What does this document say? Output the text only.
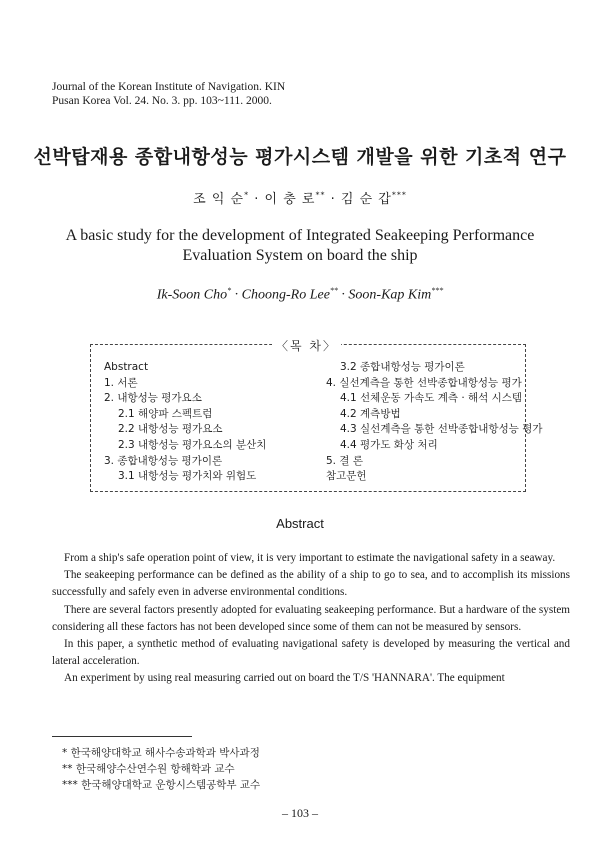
Journal of the Korean Institute of Navigation. KIN
Pusan Korea Vol. 24. No. 3. pp. 103~111. 2000.
선박탑재용 종합내항성능 평가시스템 개발을 위한 기초적 연구
조 익 순* · 이 충 로** · 김 순 갑***
A basic study for the development of Integrated Seakeeping Performance
Evaluation System on board the ship
Ik-Soon Cho* · Choong-Ro Lee** · Soon-Kap Kim***
〈목 차〉
Abstract
1. 서론
2. 내항성능 평가요소
2.1 해양파 스펙트럼
2.2 내항성능 평가요소
2.3 내항성능 평가요소의 분산치
3. 종합내항성능 평가이론
3.1 내항성능 평가치와 위험도
3.2 종합내항성능 평가이론
4. 실선계측을 통한 선박종합내항성능 평가
4.1 선체운동 가속도 계측 · 해석 시스템
4.2 계측방법
4.3 실선계측을 통한 선박종합내항성능 평가
4.4 평가도 화상 처리
5. 결 론
참고문헌
Abstract

From a ship's safe operation point of view, it is very important to estimate the navigational safety in a seaway.

The seakeeping performance can be defined as the ability of a ship to go to sea, and to accomplish its missions successfully and safely even in adverse environmental conditions.

There are several factors presently adopted for evaluating seakeeping performance. But a hardware of the system considering all these factors has not been developed since some of them can not be measured by sensors.

In this paper, a synthetic method of evaluating navigational safety is developed by measuring the vertical and lateral acceleration.

An experiment by using real measuring carried out on board the T/S 'HANNARA'. The equipment

* 한국해양대학교 해사수송과학과 박사과정
** 한국해양수산연수원 항해학과 교수
*** 한국해양대학교 운항시스템공학부 교수
– 103 –
